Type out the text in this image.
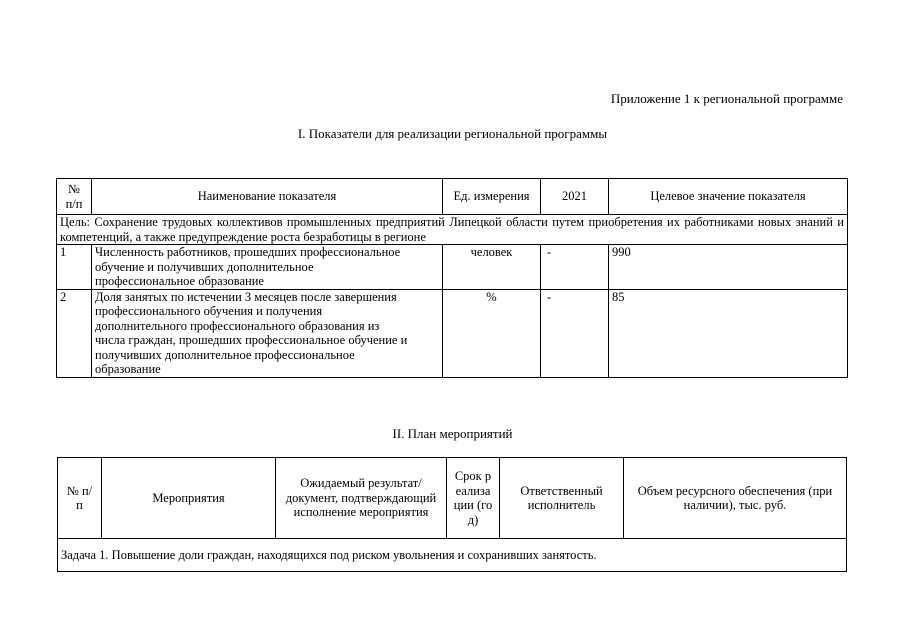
Приложение 1 к региональной программе
I. Показатели для реализации региональной программы
№ п/п	Наименование показателя	Ед. измерения	2021	Целевое значение показателя
Цель: Сохранение трудовых коллективов промышленных предприятий Липецкой области путем приобретения их работниками новых знаний и компетенций, а также предупреждение роста безработицы в регионе				
1	Численность работников, прошедших профессиональное обучение и получивших дополнительное профессиональное образование	человек	-	990
2	Доля занятых по истечении 3 месяцев после завершения профессионального обучения и получения дополнительного профессионального образования из числа граждан, прошедших профессиональное обучение и получивших дополнительное профессиональное образование	%	-	85
II. План мероприятий
№ п/п	Мероприятия	Ожидаемый результат/документ, подтверждающий исполнение мероприятия	Срок реализации (год)	Ответственный исполнитель	Объем ресурсного обеспечения (при наличии), тыс. руб.
Задача 1. Повышение доли граждан, находящихся под риском увольнения и сохранивших занятость.
